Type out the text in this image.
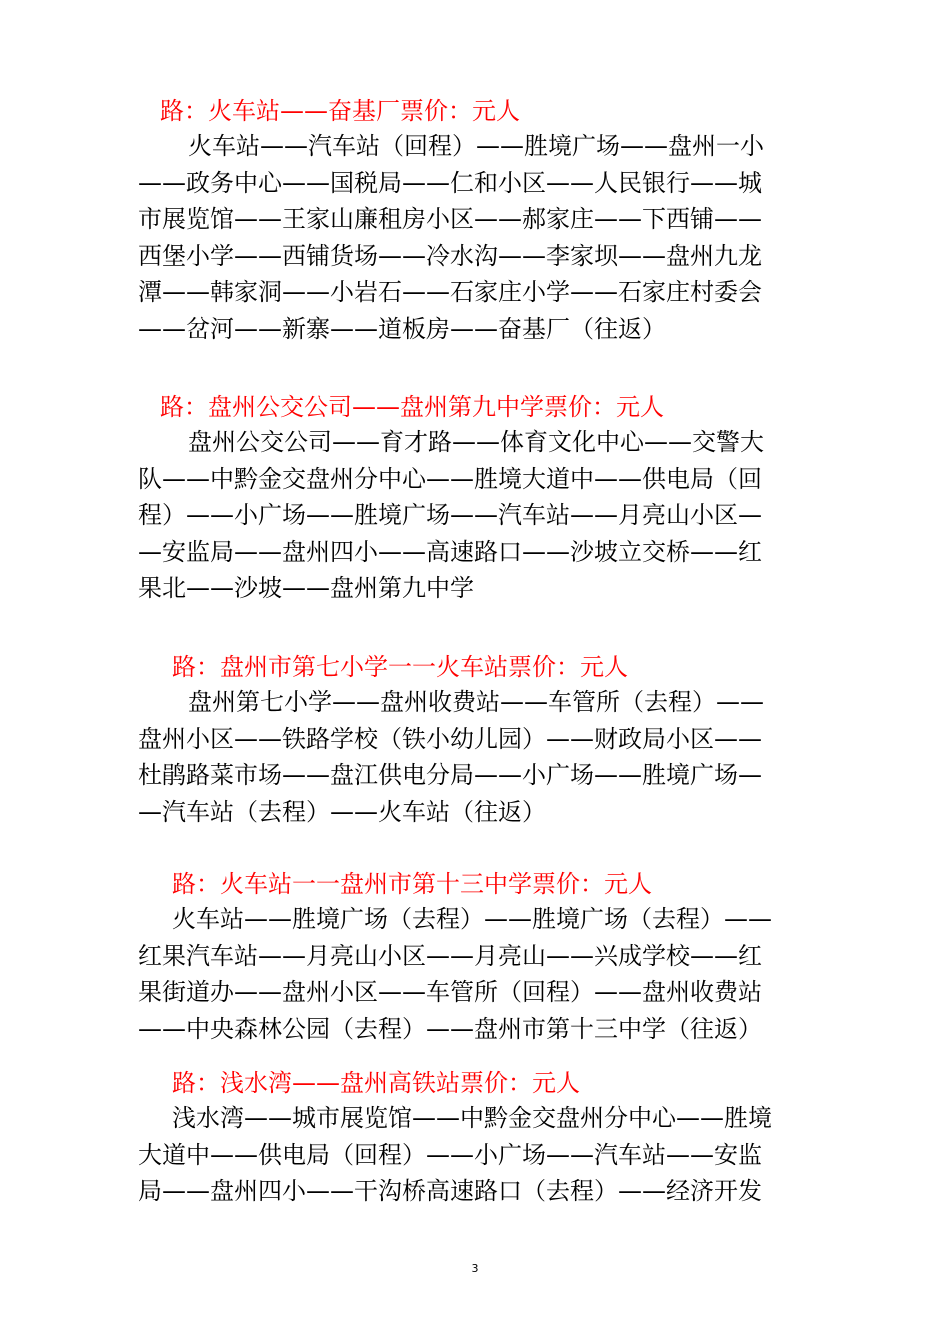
路：火车站——奋基厂票价：元人
火车站——汽车站（回程）——胜境广场——盘州一小
——政务中心——国税局——仁和小区——人民银行——城
市展览馆——王家山廉租房小区——郝家庄——下西铺——
西堡小学——西铺货场——冷水沟——李家坝——盘州九龙
潭——韩家洞——小岩石——石家庄小学——石家庄村委会
——岔河——新寨——道板房——奋基厂（往返）
路：盘州公交公司——盘州第九中学票价：元人
盘州公交公司——育才路——体育文化中心——交警大
队——中黔金交盘州分中心——胜境大道中——供电局（回
程）——小广场——胜境广场——汽车站——月亮山小区—
—安监局——盘州四小——高速路口——沙坡立交桥——红
果北——沙坡——盘州第九中学
路：盘州市第七小学一一火车站票价：元人
盘州第七小学——盘州收费站——车管所（去程）——
盘州小区——铁路学校（铁小幼儿园）——财政局小区——
杜鹃路菜市场——盘江供电分局——小广场——胜境广场—
—汽车站（去程）——火车站（往返）
路：火车站一一盘州市第十三中学票价：元人
火车站——胜境广场（去程）——胜境广场（去程）——
红果汽车站——月亮山小区——月亮山——兴成学校——红
果街道办——盘州小区——车管所（回程）——盘州收费站
——中央森林公园（去程）——盘州市第十三中学（往返）
路：浅水湾——盘州高铁站票价：元人
浅水湾——城市展览馆——中黔金交盘州分中心——胜境
大道中——供电局（回程）——小广场——汽车站——安监
局——盘州四小——干沟桥高速路口（去程）——经济开发
3
